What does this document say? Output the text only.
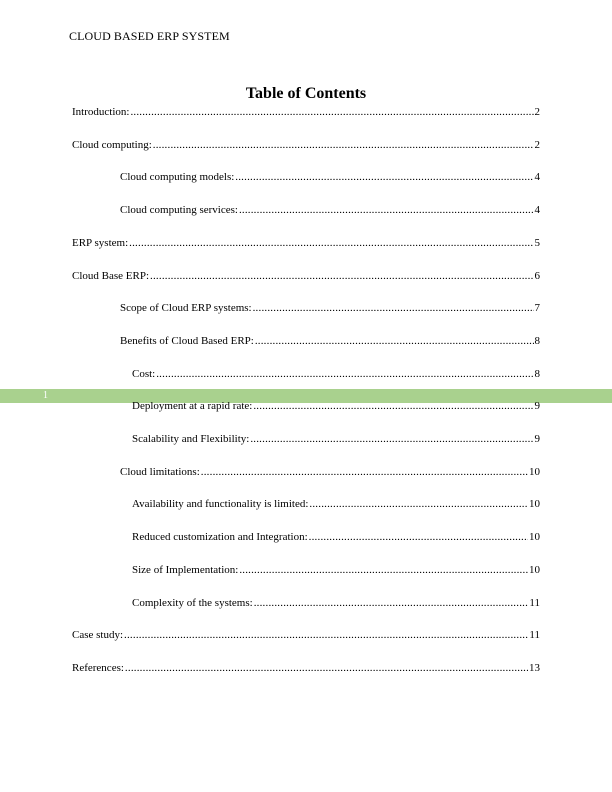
CLOUD BASED ERP SYSTEM
Table of Contents
1
Introduction: .....	2
Cloud computing: .....	2
Cloud computing models: .....	4
Cloud computing services: .....	4
ERP system: .....	5
Cloud Base ERP: .....	6
Scope of Cloud ERP systems: .....	7
Benefits of Cloud Based ERP: .....	8
Cost: .....	8
Deployment at a rapid rate: .....	9
Scalability and Flexibility: .....	9
Cloud limitations: .....	10
Availability and functionality is limited: .....	10
Reduced customization and Integration: .....	10
Size of Implementation: .....	10
Complexity of the systems: .....	11
Case study: .....	11
References: .....	13
